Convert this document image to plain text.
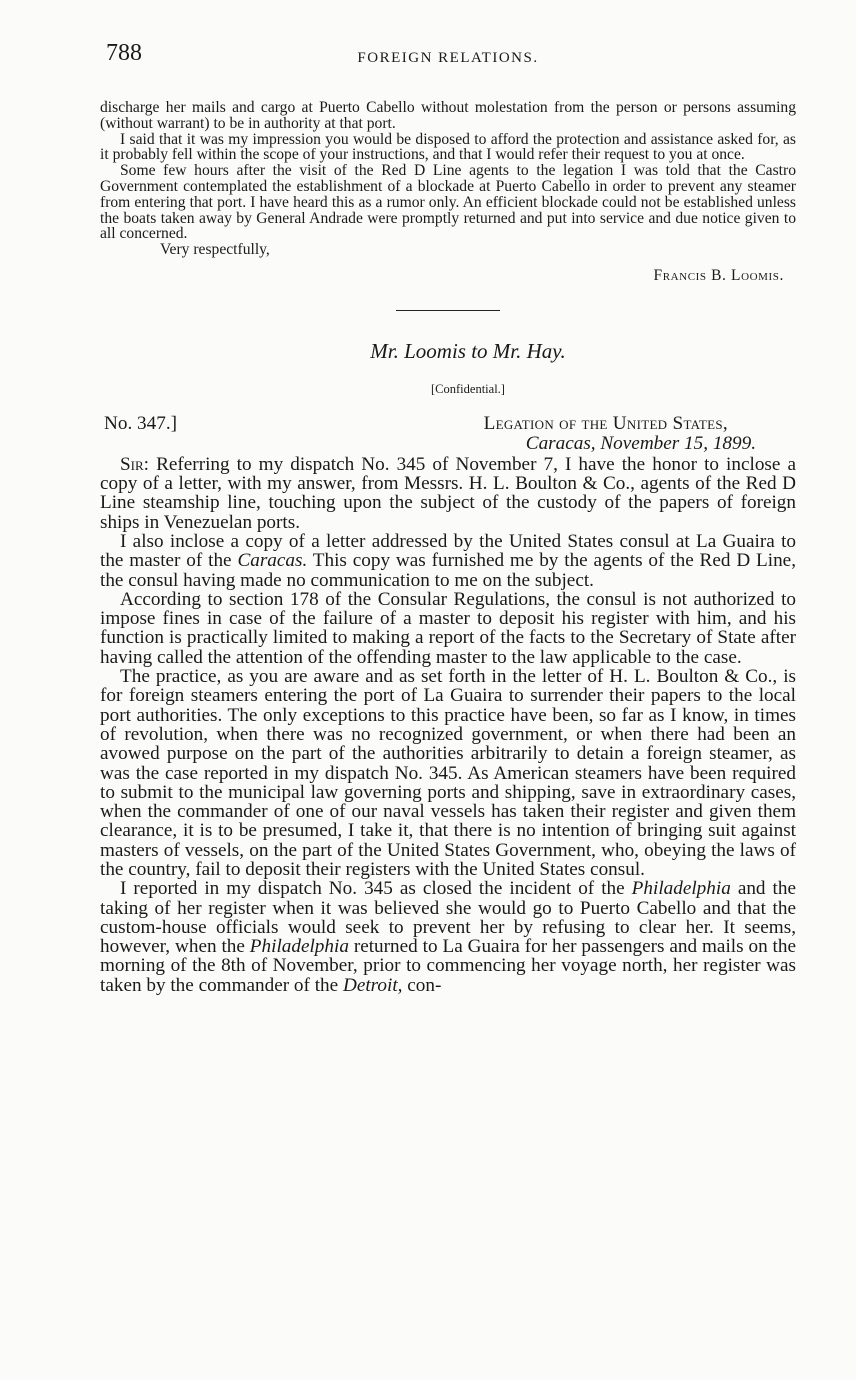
788	FOREIGN RELATIONS.

discharge her mails and cargo at Puerto Cabello without molestation from the person or persons assuming (without warrant) to be in authority at that port.

I said that it was my impression you would be disposed to afford the protection and assistance asked for, as it probably fell within the scope of your instructions, and that I would refer their request to you at once.

Some few hours after the visit of the Red D Line agents to the legation I was told that the Castro Government contemplated the establishment of a blockade at Puerto Cabello in order to prevent any steamer from entering that port. I have heard this as a rumor only. An efficient blockade could not be established unless the boats taken away by General Andrade were promptly returned and put into service and due notice given to all concerned.

Very respectfully,

Francis B. Loomis.

Mr. Loomis to Mr. Hay.
[Confidential.]
No. 347.]	Legation of the United States,
Caracas, November 15, 1899.

Sir: Referring to my dispatch No. 345 of November 7, I have the honor to inclose a copy of a letter, with my answer, from Messrs. H. L. Boulton & Co., agents of the Red D Line steamship line, touching upon the subject of the custody of the papers of foreign ships in Venezuelan ports.

I also inclose a copy of a letter addressed by the United States consul at La Guaira to the master of the Caracas. This copy was furnished me by the agents of the Red D Line, the consul having made no communication to me on the subject.

According to section 178 of the Consular Regulations, the consul is not authorized to impose fines in case of the failure of a master to deposit his register with him, and his function is practically limited to making a report of the facts to the Secretary of State after having called the attention of the offending master to the law applicable to the case.

The practice, as you are aware and as set forth in the letter of H. L. Boulton & Co., is for foreign steamers entering the port of La Guaira to surrender their papers to the local port authorities. The only exceptions to this practice have been, so far as I know, in times of revolution, when there was no recognized government, or when there had been an avowed purpose on the part of the authorities arbitrarily to detain a foreign steamer, as was the case reported in my dispatch No. 345. As American steamers have been required to submit to the municipal law governing ports and shipping, save in extraordinary cases, when the commander of one of our naval vessels has taken their register and given them clearance, it is to be presumed, I take it, that there is no intention of bringing suit against masters of vessels, on the part of the United States Government, who, obeying the laws of the country, fail to deposit their registers with the United States consul.

I reported in my dispatch No. 345 as closed the incident of the Philadelphia and the taking of her register when it was believed she would go to Puerto Cabello and that the custom-house officials would seek to prevent her by refusing to clear her. It seems, however, when the Philadelphia returned to La Guaira for her passengers and mails on the morning of the 8th of November, prior to commencing her voyage north, her register was taken by the commander of the Detroit, con-
